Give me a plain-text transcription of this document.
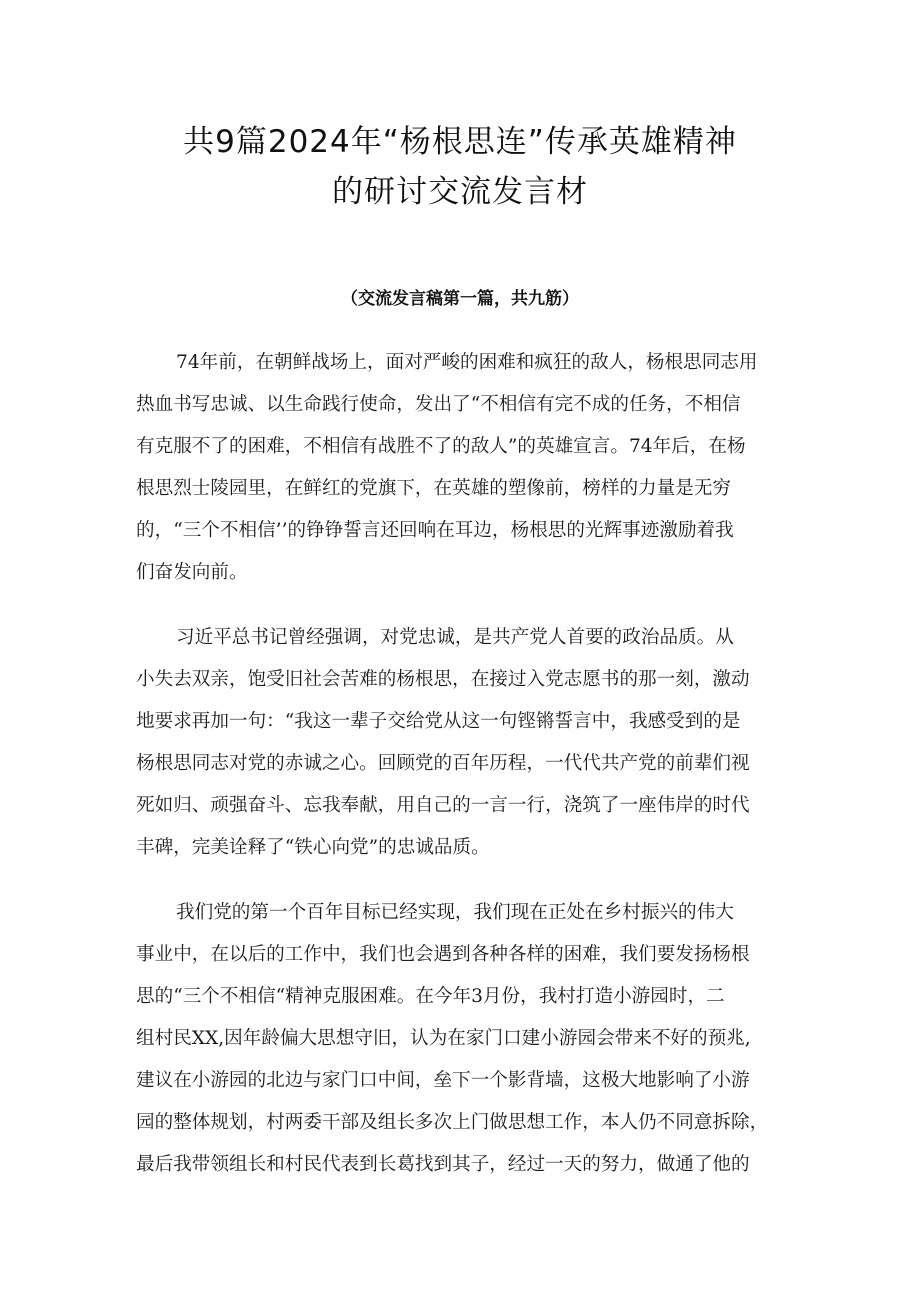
共9篇2024年“杨根思连”传承英雄精神
的研讨交流发言材
（交流发言稿第一篇，共九筋）
74年前，在朝鲜战场上，面对严峻的困难和疯狂的敌人，杨根思同志用
热血书写忠诚、以生命践行使命，发出了“不相信有完不成的任务，不相信
有克服不了的困难，不相信有战胜不了的敌人”的英雄宣言。74年后，在杨
根思烈士陵园里，在鲜红的党旗下，在英雄的塑像前，榜样的力量是无穷
的，“三个不相信’’的铮铮誓言还回响在耳边，杨根思的光辉事迹激励着我
们奋发向前。
习近平总书记曾经强调，对党忠诚，是共产党人首要的政治品质。从
小失去双亲，饱受旧社会苦难的杨根思，在接过入党志愿书的那一刻，激动
地要求再加一句：“我这一辈子交给党从这一句铿锵誓言中，我感受到的是
杨根思同志对党的赤诚之心。回顾党的百年历程，一代代共产党的前辈们视
死如归、顽强奋斗、忘我奉献，用自己的一言一行，浇筑了一座伟岸的时代
丰碑，完美诠释了“铁心向党”的忠诚品质。
我们党的第一个百年目标已经实现，我们现在正处在乡村振兴的伟大
事业中，在以后的工作中，我们也会遇到各种各样的困难，我们要发扬杨根
思的“三个不相信“精神克服困难。在今年3月份，我村打造小游园时，二
组村民XX,因年龄偏大思想守旧，认为在家门口建小游园会带来不好的预兆,
建议在小游园的北边与家门口中间，垒下一个影背墙，这极大地影响了小游
园的整体规划，村两委干部及组长多次上门做思想工作，本人仍不同意拆除，
最后我带领组长和村民代表到长葛找到其子，经过一天的努力，做通了他的
